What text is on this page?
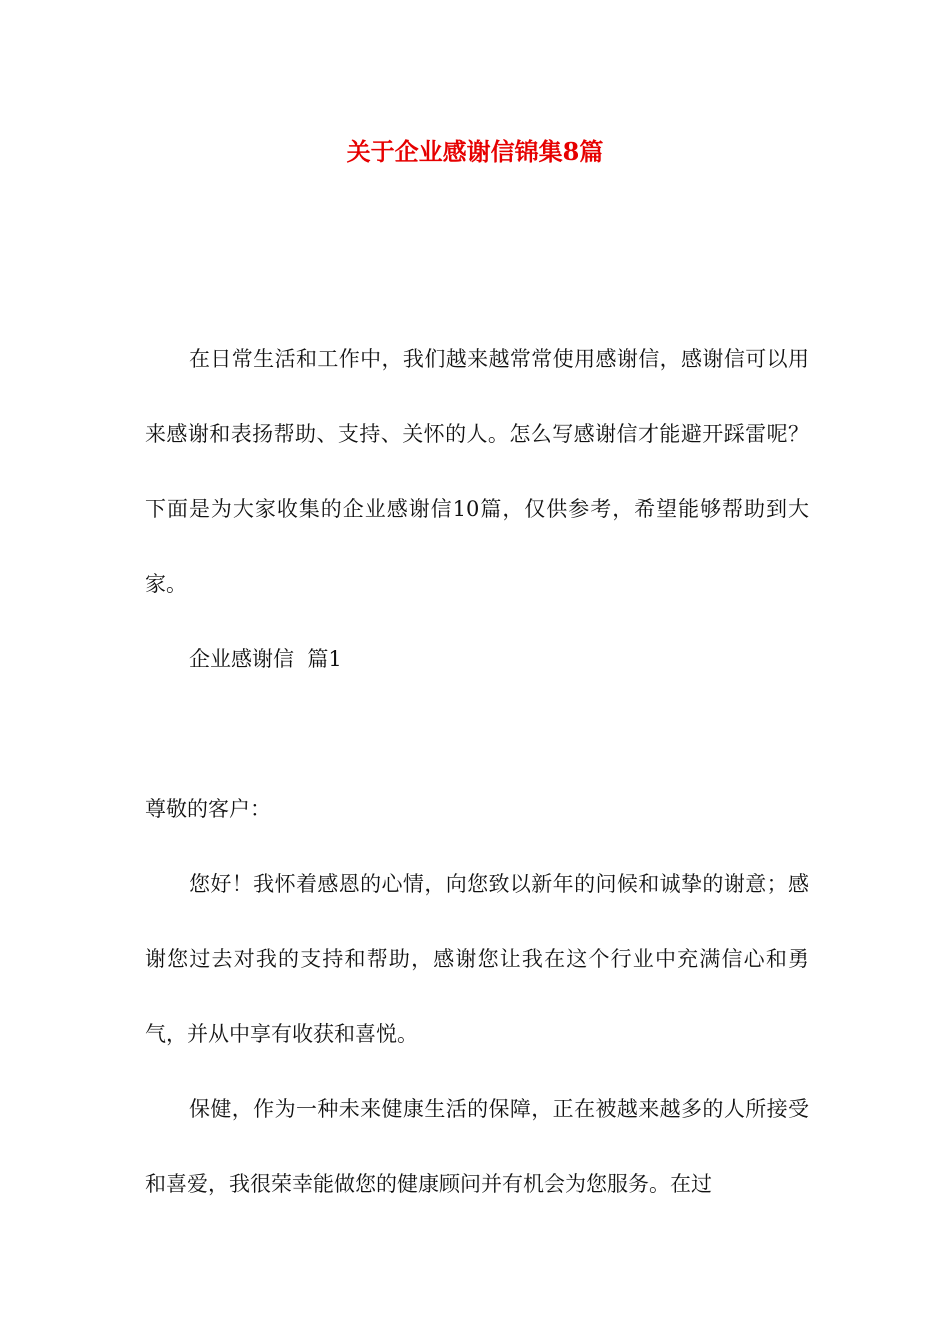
关于企业感谢信锦集8篇

在日常生活和工作中，我们越来越常常使用感谢信，感谢信可以用来感谢和表扬帮助、支持、关怀的人。怎么写感谢信才能避开踩雷呢？下面是为大家收集的企业感谢信10篇，仅供参考，希望能够帮助到大家。

企业感谢信  篇1

尊敬的客户：

您好！我怀着感恩的心情，向您致以新年的问候和诚挚的谢意；感谢您过去对我的支持和帮助，感谢您让我在这个行业中充满信心和勇气，并从中享有收获和喜悦。

保健，作为一种未来健康生活的保障，正在被越来越多的人所接受和喜爱，我很荣幸能做您的健康顾问并有机会为您服务。在过
